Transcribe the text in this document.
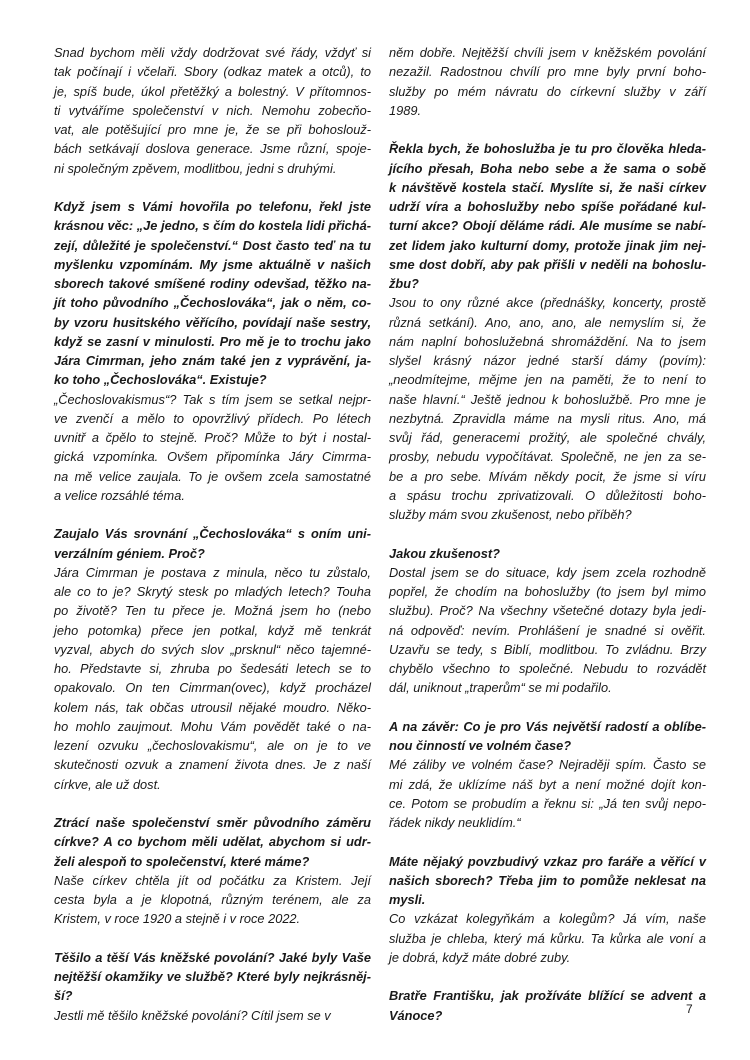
Snad bychom měli vždy dodržovat své řády, vždyť si
tak počínají i včelaři. Sbory (odkaz matek a otců), to
je, spíš bude, úkol přetěžký a bolestný. V přítomnos-
ti vytváříme společenství v nich. Nemohu zobecňo-
vat, ale potěšující pro mne je, že se při bohoslouž-
bách setkávají doslova generace. Jsme různí, spoje-
ni společným zpěvem, modlitbou, jedni s druhými.
Když jsem s Vámi hovořila po telefonu, řekl jste
krásnou věc: „Je jedno, s čím do kostela lidi přichá-
zejí, důležité je společenství.“ Dost často teď na tu
myšlenku vzpomínám. My jsme aktuálně v našich
sborech takové smíšené rodiny odevšad, těžko na-
jít toho původního „Čechoslováka“, jak o něm, co-
by vzoru husitského věřícího, povídají naše sestry,
když se zasní v minulosti. Pro mě je to trochu jako
Jára Cimrman, jeho znám také jen z vyprávění, ja-
ko toho „Čechoslováka“. Existuje?
„Čechoslovakismus“? Tak s tím jsem se setkal nejpr-
ve zvenčí a mělo to opovržlivý přídech. Po létech
uvnitř a čpělo to stejně. Proč? Může to být i nostal-
gická vzpomínka. Ovšem připomínka Járy Cimrma-
na mě velice zaujala. To je ovšem zcela samostatné
a velice rozsáhlé téma.
Zaujalo Vás srovnání „Čechoslováka“ s oním uni-
verzálním géniem. Proč?
Jára Cimrman je postava z minula, něco tu zůstalo,
ale co to je? Skrytý stesk po mladých letech? Touha
po životě? Ten tu přece je. Možná jsem ho (nebo
jeho potomka) přece jen potkal, když mě tenkrát
vyzval, abych do svých slov „prsknul“ něco tajemné-
ho. Představte si, zhruba po šedesáti letech se to
opakovalo. On ten Cimrman(ovec), když procházel
kolem nás, tak občas utrousil nějaké moudro. Něko-
ho mohlo zaujmout. Mohu Vám povědět také o na-
lezení ozvuku „čechoslovakismu“, ale on je to ve
skutečnosti ozvuk a znamení života dnes. Je z naší
církve, ale už dost.
Ztrácí naše společenství směr původního záměru
církve? A co bychom měli udělat, abychom si udr-
želi alespoň to společenství, které máme?
Naše církev chtěla jít od počátku za Kristem. Její
cesta byla a je klopotná, různým terénem, ale za
Kristem, v roce 1920 a stejně i v roce 2022.
Těšilo a těší Vás kněžské povolání? Jaké byly Vaše
nejtěžší okamžiky ve službě? Které byly nejkrásněj-
ší?
Jestli mě těšilo kněžské povolání? Cítil jsem se v
něm dobře. Nejtěžší chvíli jsem v kněžském povolání
nezažil. Radostnou chvílí pro mne byly první boho-
služby po mém návratu do církevní služby v září
1989.
Řekla bych, že bohoslužba je tu pro člověka hleda-
jícího přesah, Boha nebo sebe a že sama o sobě
k návštěvě kostela stačí. Myslíte si, že naši církev
udrží víra a bohoslužby nebo spíše pořádané kul-
turní akce? Obojí děláme rádi. Ale musíme se nabí-
zet lidem jako kulturní domy, protože jinak jim nej-
sme dost dobří, aby pak přišli v neděli na bohoslu-
žbu?
Jsou to ony různé akce (přednášky, koncerty, prostě
různá setkání). Ano, ano, ano, ale nemyslím si, že
nám naplní bohoslužebná shromáždění. Na to jsem
slyšel krásný názor jedné starší dámy (povím):
„neodmítejme, mějme jen na paměti, že to není to
naše hlavní.“ Ještě jednou k bohoslužbě. Pro mne je
nezbytná. Zpravidla máme na mysli ritus. Ano, má
svůj řád, generacemi prožitý, ale společné chvály,
prosby, nebudu vypočítávat. Společně, ne jen za se-
be a pro sebe. Mívám někdy pocit, že jsme si víru
a spásu trochu zprivatizovali. O důležitosti boho-
služby mám svou zkušenost, nebo příběh?
Jakou zkušenost?
Dostal jsem se do situace, kdy jsem zcela rozhodně
popřel, že chodím na bohoslužby (to jsem byl mimo
službu). Proč? Na všechny všetečné dotazy byla jedi-
ná odpověď: nevím. Prohlášení je snadné si ověřit.
Uzavřu se tedy, s Biblí, modlitbou. To zvládnu. Brzy
chybělo všechno to společné. Nebudu to rozvádět
dál, uniknout „traperům“ se mi podařilo.
A na závěr: Co je pro Vás největší radostí a oblíbe-
nou činností ve volném čase?
Mé záliby ve volném čase? Nejraději spím. Často se
mi zdá, že uklízíme náš byt a není možné dojít kon-
ce. Potom se probudím a řeknu si: „Já ten svůj nepo-
řádek nikdy neuklidím.“
Máte nějaký povzbudivý vzkaz pro faráře a věřící v
našich sborech? Třeba jim to pomůže neklesat na
mysli.
Co vzkázat kolegyňkám a kolegům? Já vím, naše
služba je chleba, který má kůrku. Ta kůrka ale voní a
je dobrá, když máte dobré zuby.
Bratře Františku, jak prožíváte blížící se advent a
Vánoce?	7
